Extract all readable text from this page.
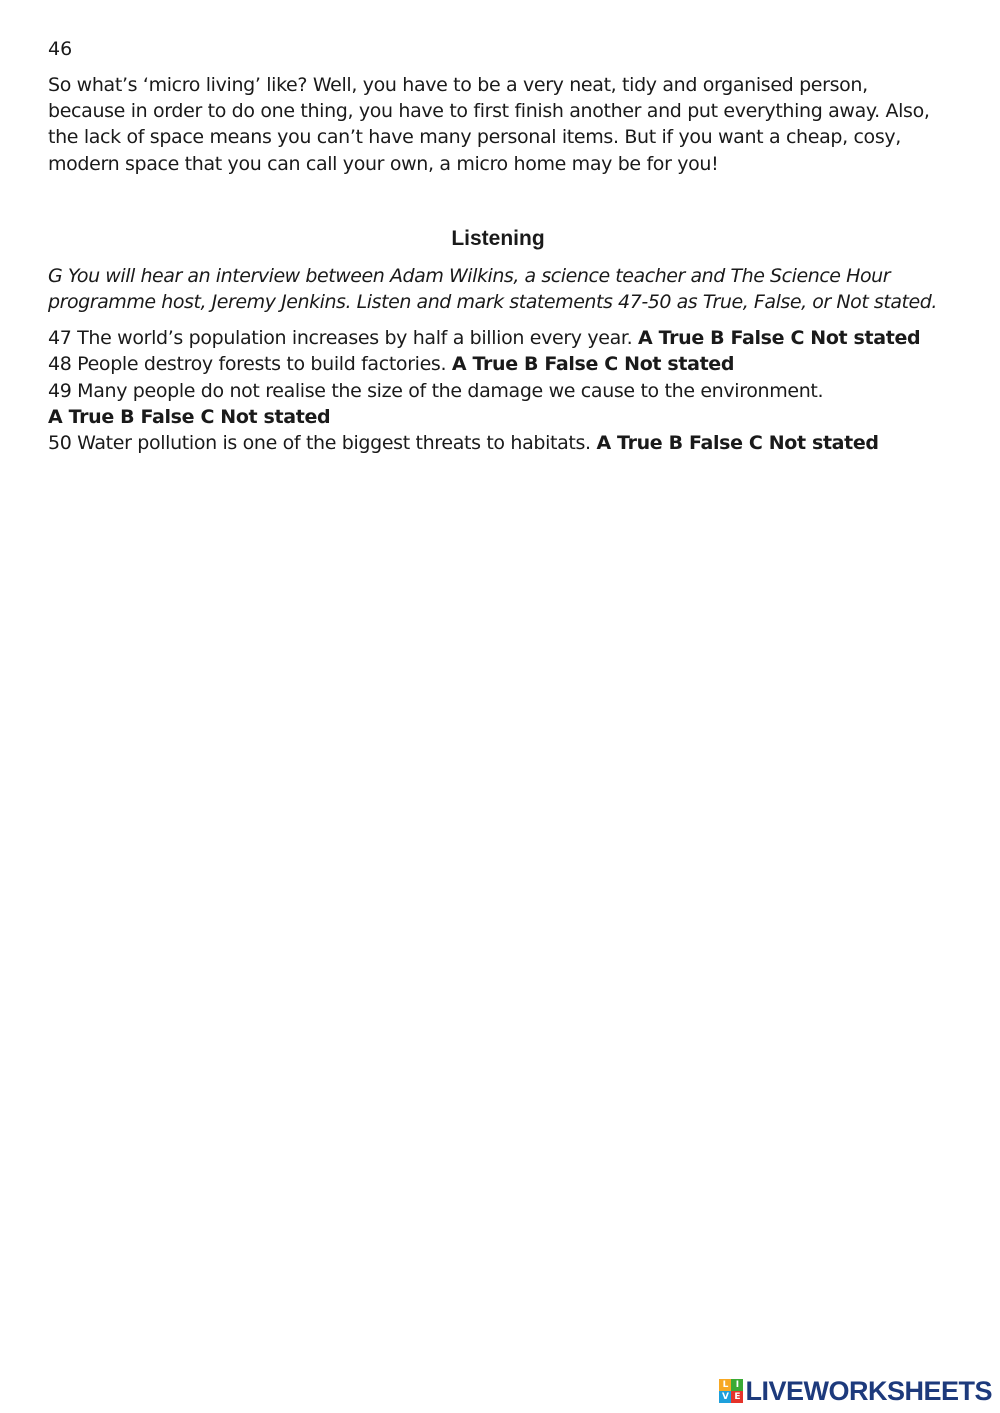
46

So what’s ‘micro living’ like? Well, you have to be a very neat, tidy and organised person, because in order to do one thing, you have to first finish another and put everything away. Also, the lack of space means you can’t have many personal items. But if you want a cheap, cosy, modern space that you can call your own, a micro home may be for you!

Listening

G You will hear an interview between Adam Wilkins, a science teacher and The Science Hour programme host, Jeremy Jenkins. Listen and mark statements 47-50 as True, False, or Not stated.

47 The world’s population increases by half a billion every year. A True B False C Not stated

48 People destroy forests to build factories. A True B False C Not stated

49 Many people do not realise the size of the damage we cause to the environment.

A True B False C Not stated

50 Water pollution is one of the biggest threats to habitats. A True B False C Not stated

L I
V E LIVEWORKSHEETS
